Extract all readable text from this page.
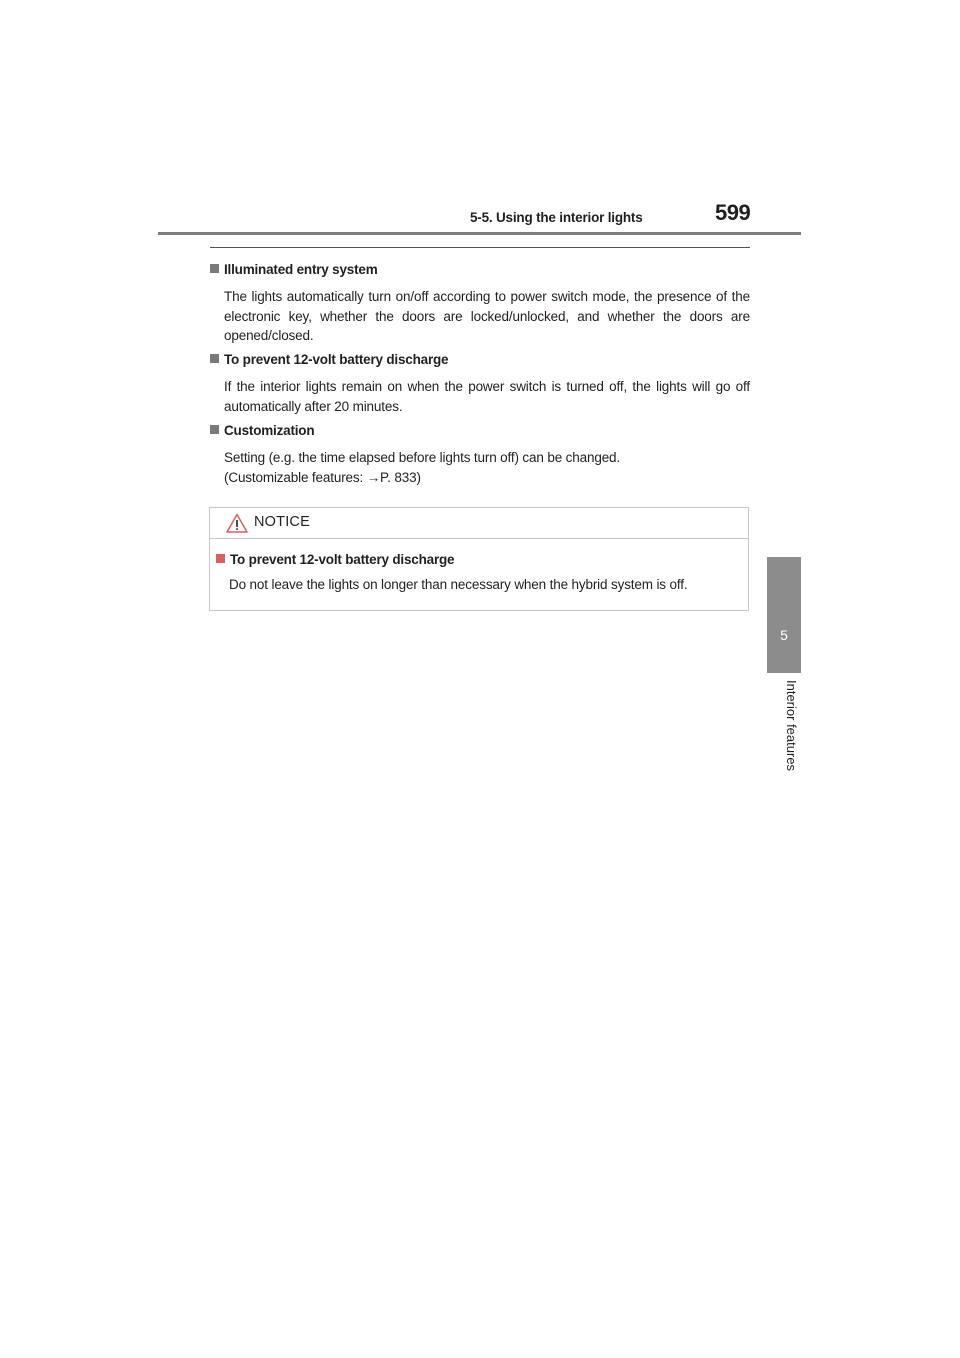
5-5. Using the interior lights	599
5
Interior features
Illuminated entry system

The lights automatically turn on/off according to power switch mode, the presence of the electronic key, whether the doors are locked/unlocked, and whether the doors are opened/closed.

To prevent 12-volt battery discharge

If the interior lights remain on when the power switch is turned off, the lights will go off automatically after 20 minutes.

Customization

Setting (e.g. the time elapsed before lights turn off) can be changed.

(Customizable features: →P. 833)

NOTICE
To prevent 12-volt battery discharge
Do not leave the lights on longer than necessary when the hybrid system is off.
